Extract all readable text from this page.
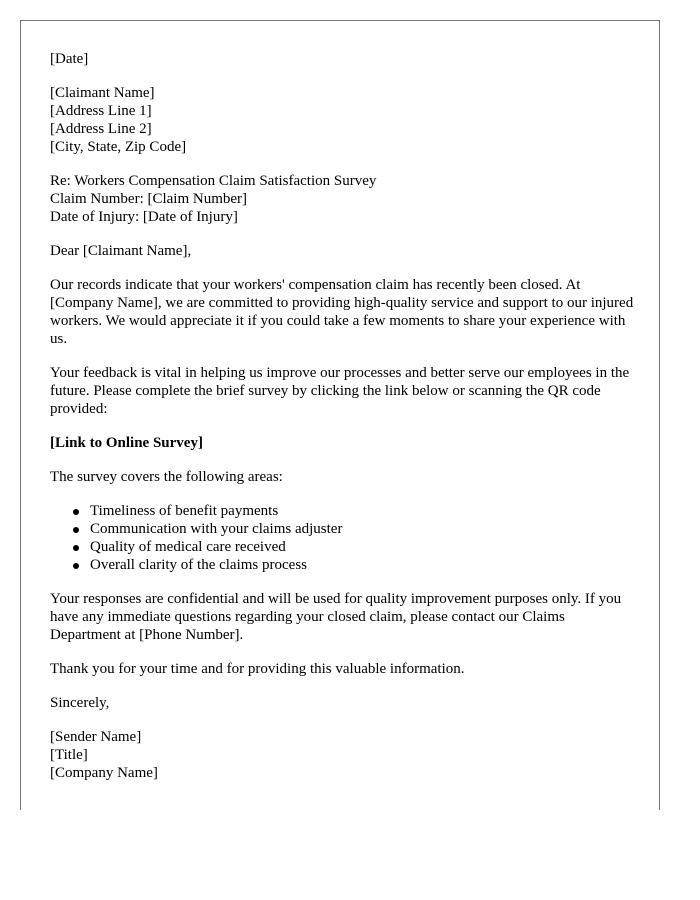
[Date]
[Claimant Name]
[Address Line 1]
[Address Line 2]
[City, State, Zip Code]
Re: Workers Compensation Claim Satisfaction Survey
Claim Number: [Claim Number]
Date of Injury: [Date of Injury]
Dear [Claimant Name],

Our records indicate that your workers' compensation claim has recently been closed. At [Company Name], we are committed to providing high-quality service and support to our injured workers. We would appreciate it if you could take a few moments to share your experience with us.

Your feedback is vital in helping us improve our processes and better serve our employees in the future. Please complete the brief survey by clicking the link below or scanning the QR code provided:

[Link to Online Survey]

The survey covers the following areas:

Timeliness of benefit payments
Communication with your claims adjuster
Quality of medical care received
Overall clarity of the claims process

Your responses are confidential and will be used for quality improvement purposes only. If you have any immediate questions regarding your closed claim, please contact our Claims Department at [Phone Number].

Thank you for your time and for providing this valuable information.

Sincerely,
[Sender Name]
[Title]
[Company Name]
